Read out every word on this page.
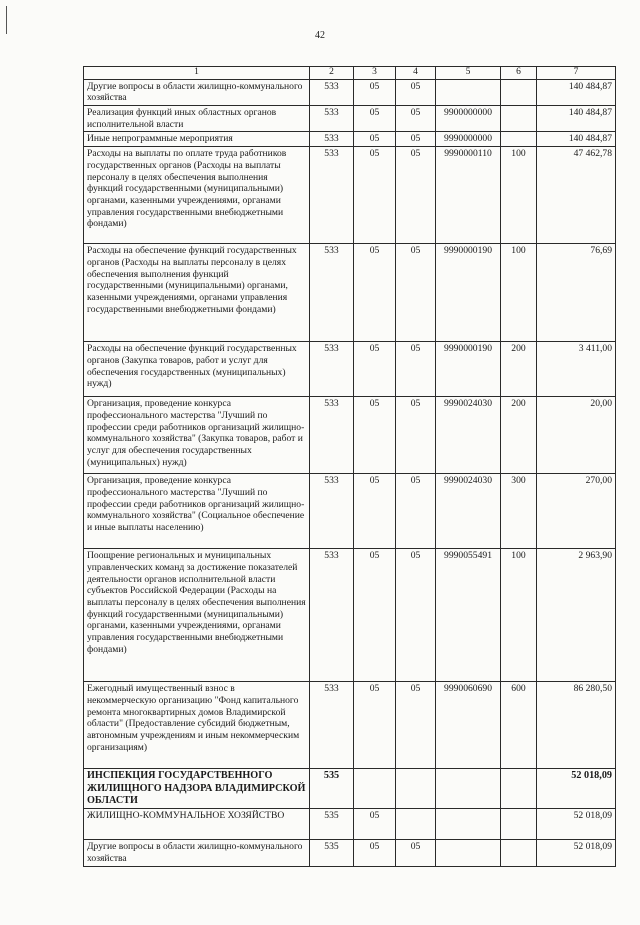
42
1	2	3	4	5	6	7
Другие вопросы в области жилищно-коммунального хозяйства	533	05	05			140 484,87
Реализация функций иных областных органов исполнительной власти	533	05	05	9900000000		140 484,87
Иные непрограммные мероприятия	533	05	05	9990000000		140 484,87
Расходы на выплаты по оплате труда работников государственных органов (Расходы на выплаты персоналу в целях обеспечения выполнения функций государственными (муниципальными) органами, казенными учреждениями, органами управления государственными внебюджетными фондами)	533	05	05	9990000110	100	47 462,78
Расходы на обеспечение функций государственных органов (Расходы на выплаты персоналу в целях обеспечения выполнения функций государственными (муниципальными) органами, казенными учреждениями, органами управления государственными внебюджетными фондами)	533	05	05	9990000190	100	76,69
Расходы на обеспечение функций государственных органов (Закупка товаров, работ и услуг для обеспечения государственных (муниципальных) нужд)	533	05	05	9990000190	200	3 411,00
Организация, проведение конкурса профессионального мастерства "Лучший по профессии среди работников организаций жилищно-коммунального хозяйства" (Закупка товаров, работ и услуг для обеспечения государственных (муниципальных) нужд)	533	05	05	9990024030	200	20,00
Организация, проведение конкурса профессионального мастерства "Лучший по профессии среди работников организаций жилищно-коммунального хозяйства" (Социальное обеспечение и иные выплаты населению)	533	05	05	9990024030	300	270,00
Поощрение региональных и муниципальных управленческих команд за достижение показателей деятельности органов исполнительной власти субъектов Российской Федерации (Расходы на выплаты персоналу в целях обеспечения выполнения функций государственными (муниципальными) органами, казенными учреждениями, органами управления государственными внебюджетными фондами)	533	05	05	9990055491	100	2 963,90
Ежегодный имущественный взнос в некоммерческую организацию "Фонд капитального ремонта многоквартирных домов Владимирской области" (Предоставление субсидий бюджетным, автономным учреждениям и иным некоммерческим организациям)	533	05	05	9990060690	600	86 280,50
ИНСПЕКЦИЯ ГОСУДАРСТВЕННОГО ЖИЛИЩНОГО НАДЗОРА ВЛАДИМИРСКОЙ ОБЛАСТИ	535					52 018,09
ЖИЛИЩНО-КОММУНАЛЬНОЕ ХОЗЯЙСТВО	535	05				52 018,09
Другие вопросы в области жилищно-коммунального хозяйства	535	05	05			52 018,09
